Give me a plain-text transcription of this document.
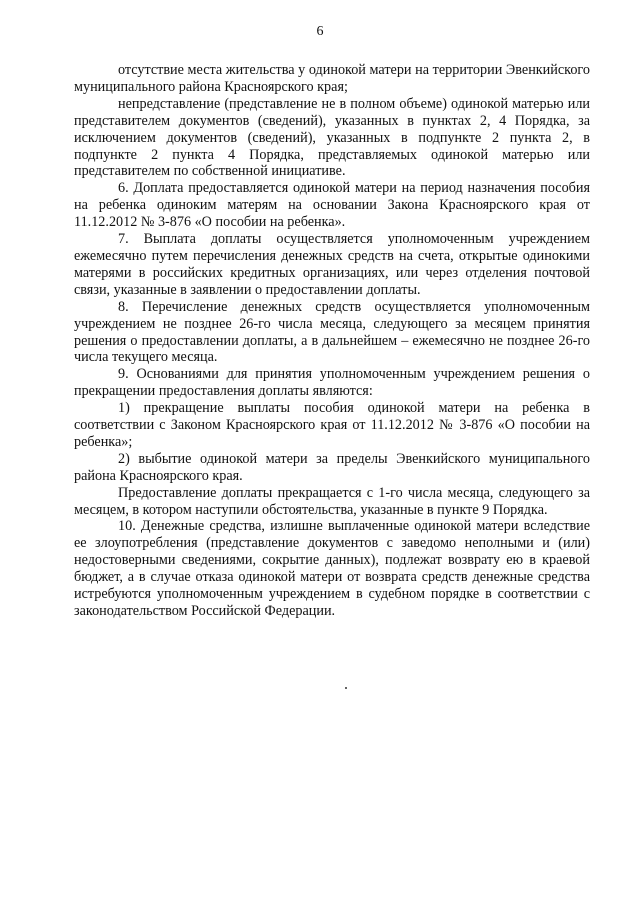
6

отсутствие места жительства у одинокой матери на территории Эвенкийского муниципального района Красноярского края;

непредставление (представление не в полном объеме) одинокой матерью или представителем документов (сведений), указанных в пунктах 2, 4 Порядка, за исключением документов (сведений), указанных в подпункте 2 пункта 2, в подпункте 2 пункта 4 Порядка, представляемых одинокой матерью или представителем по собственной инициативе.

6. Доплата предоставляется одинокой матери на период назначения пособия на ребенка одиноким матерям на основании Закона Красноярского края от 11.12.2012 № 3-876 «О пособии на ребенка».

7. Выплата доплаты осуществляется уполномоченным учреждением ежемесячно путем перечисления денежных средств на счета, открытые одинокими матерями в российских кредитных организациях, или через отделения почтовой связи, указанные в заявлении о предоставлении доплаты.

8. Перечисление денежных средств осуществляется уполномоченным учреждением не позднее 26-го числа месяца, следующего за месяцем принятия решения о предоставлении доплаты, а в дальнейшем – ежемесячно не позднее 26-го числа текущего месяца.

9. Основаниями для принятия уполномоченным учреждением решения о прекращении предоставления доплаты являются:

1) прекращение выплаты пособия одинокой матери на ребенка в соответствии с Законом Красноярского края от 11.12.2012 № 3-876 «О пособии на ребенка»;

2) выбытие одинокой матери за пределы Эвенкийского муниципального района Красноярского края.

Предоставление доплаты прекращается с 1-го числа месяца, следующего за месяцем, в котором наступили обстоятельства, указанные в пункте 9 Порядка.

10. Денежные средства, излишне выплаченные одинокой матери вследствие ее злоупотребления (представление документов с заведомо неполными и (или) недостоверными сведениями, сокрытие данных), подлежат возврату ею в краевой бюджет, а в случае отказа одинокой матери от возврата средств денежные средства истребуются уполномоченным учреждением в судебном порядке в соответствии с законодательством Российской Федерации.
